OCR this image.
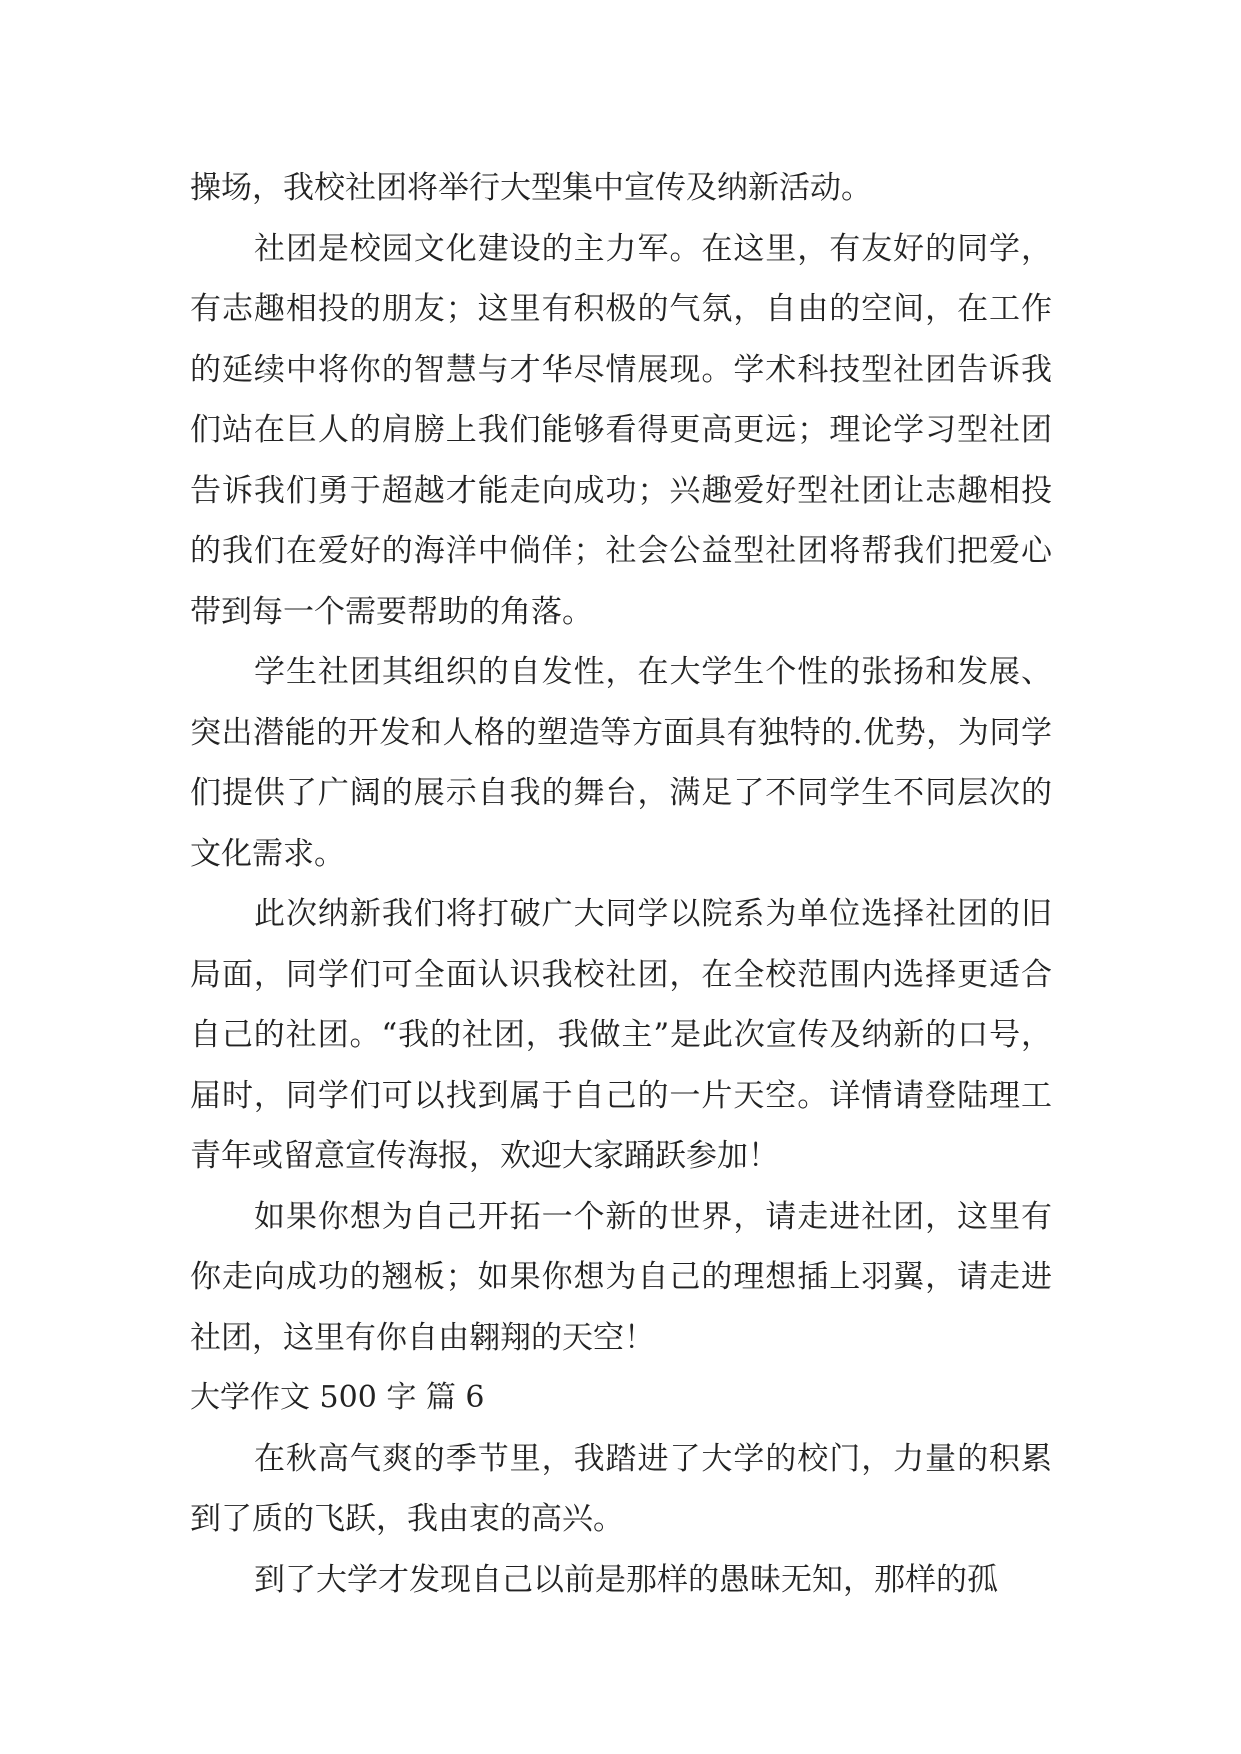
操场，我校社团将举行大型集中宣传及纳新活动。

社团是校园文化建设的主力军。在这里，有友好的同学，有志趣相投的朋友；这里有积极的气氛，自由的空间，在工作的延续中将你的智慧与才华尽情展现。学术科技型社团告诉我们站在巨人的肩膀上我们能够看得更高更远；理论学习型社团告诉我们勇于超越才能走向成功；兴趣爱好型社团让志趣相投的我们在爱好的海洋中倘佯；社会公益型社团将帮我们把爱心带到每一个需要帮助的角落。

学生社团其组织的自发性，在大学生个性的张扬和发展、突出潜能的开发和人格的塑造等方面具有独特的.优势，为同学们提供了广阔的展示自我的舞台，满足了不同学生不同层次的文化需求。

此次纳新我们将打破广大同学以院系为单位选择社团的旧局面，同学们可全面认识我校社团，在全校范围内选择更适合自己的社团。“我的社团，我做主”是此次宣传及纳新的口号，届时，同学们可以找到属于自己的一片天空。详情请登陆理工青年或留意宣传海报，欢迎大家踊跃参加！

如果你想为自己开拓一个新的世界，请走进社团，这里有你走向成功的翘板；如果你想为自己的理想插上羽翼，请走进社团，这里有你自由翱翔的天空！

大学作文 500 字 篇 6

在秋高气爽的季节里，我踏进了大学的校门，力量的积累到了质的飞跃，我由衷的高兴。

到了大学才发现自己以前是那样的愚昧无知，那样的孤
